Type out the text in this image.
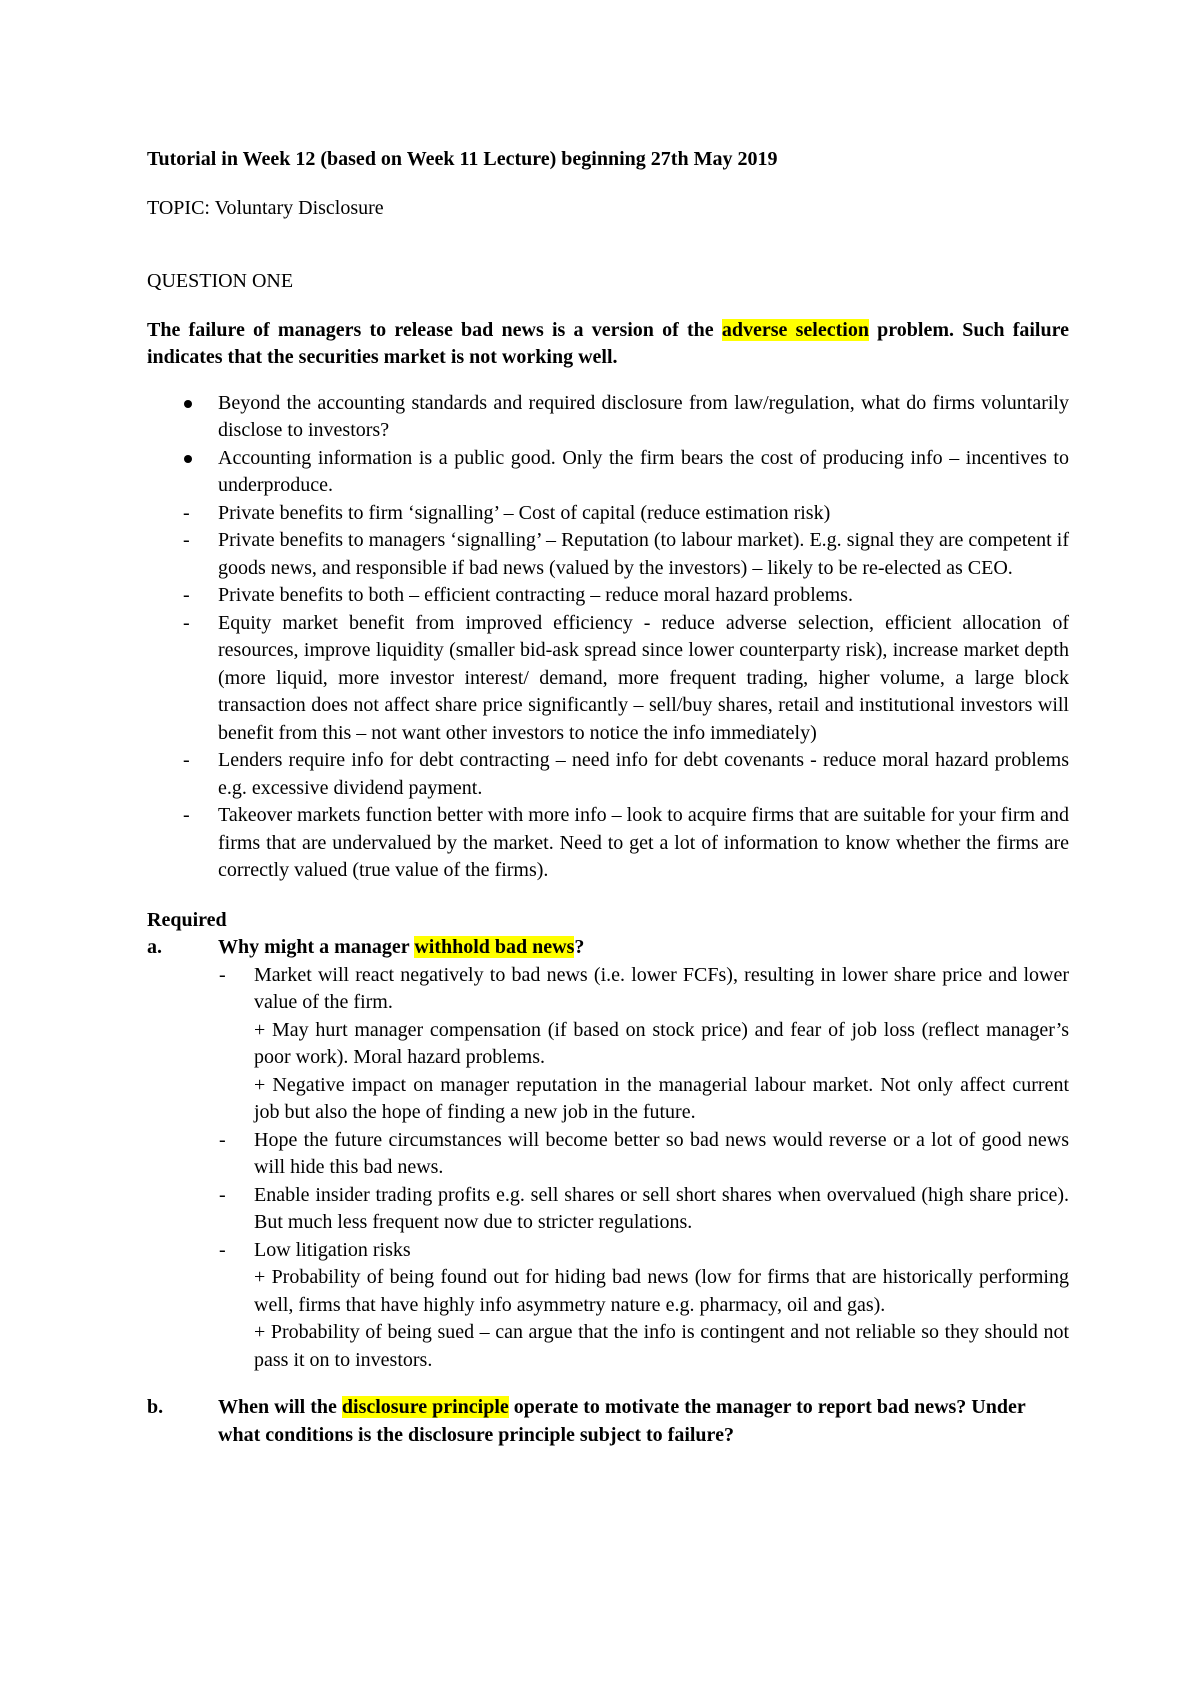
Tutorial in Week 12 (based on Week 11 Lecture) beginning 27th May 2019

TOPIC: Voluntary Disclosure

QUESTION ONE

The failure of managers to release bad news is a version of the adverse selection problem. Such failure indicates that the securities market is not working well.

Beyond the accounting standards and required disclosure from law/regulation, what do firms voluntarily disclose to investors?
Accounting information is a public good. Only the firm bears the cost of producing info – incentives to underproduce.
- Private benefits to firm ‘signalling’ – Cost of capital (reduce estimation risk)
- Private benefits to managers ‘signalling’ – Reputation (to labour market). E.g. signal they are competent if goods news, and responsible if bad news (valued by the investors) – likely to be re-elected as CEO.
- Private benefits to both – efficient contracting – reduce moral hazard problems.
- Equity market benefit from improved efficiency - reduce adverse selection, efficient allocation of resources, improve liquidity (smaller bid-ask spread since lower counterparty risk), increase market depth (more liquid, more investor interest/ demand, more frequent trading, higher volume, a large block transaction does not affect share price significantly – sell/buy shares, retail and institutional investors will benefit from this – not want other investors to notice the info immediately)
- Lenders require info for debt contracting – need info for debt covenants - reduce moral hazard problems e.g. excessive dividend payment.
- Takeover markets function better with more info – look to acquire firms that are suitable for your firm and firms that are undervalued by the market. Need to get a lot of information to know whether the firms are correctly valued (true value of the firms).

Required

a.	Why might a manager withhold bad news?
- Market will react negatively to bad news (i.e. lower FCFs), resulting in lower share price and lower value of the firm.
+ May hurt manager compensation (if based on stock price) and fear of job loss (reflect manager’s poor work). Moral hazard problems.
+ Negative impact on manager reputation in the managerial labour market. Not only affect current job but also the hope of finding a new job in the future.
- Hope the future circumstances will become better so bad news would reverse or a lot of good news will hide this bad news.
- Enable insider trading profits e.g. sell shares or sell short shares when overvalued (high share price). But much less frequent now due to stricter regulations.
- Low litigation risks
+ Probability of being found out for hiding bad news (low for firms that are historically performing well, firms that have highly info asymmetry nature e.g. pharmacy, oil and gas).
+ Probability of being sued – can argue that the info is contingent and not reliable so they should not pass it on to investors.
b.	When will the disclosure principle operate to motivate the manager to report bad news? Under what conditions is the disclosure principle subject to failure?
